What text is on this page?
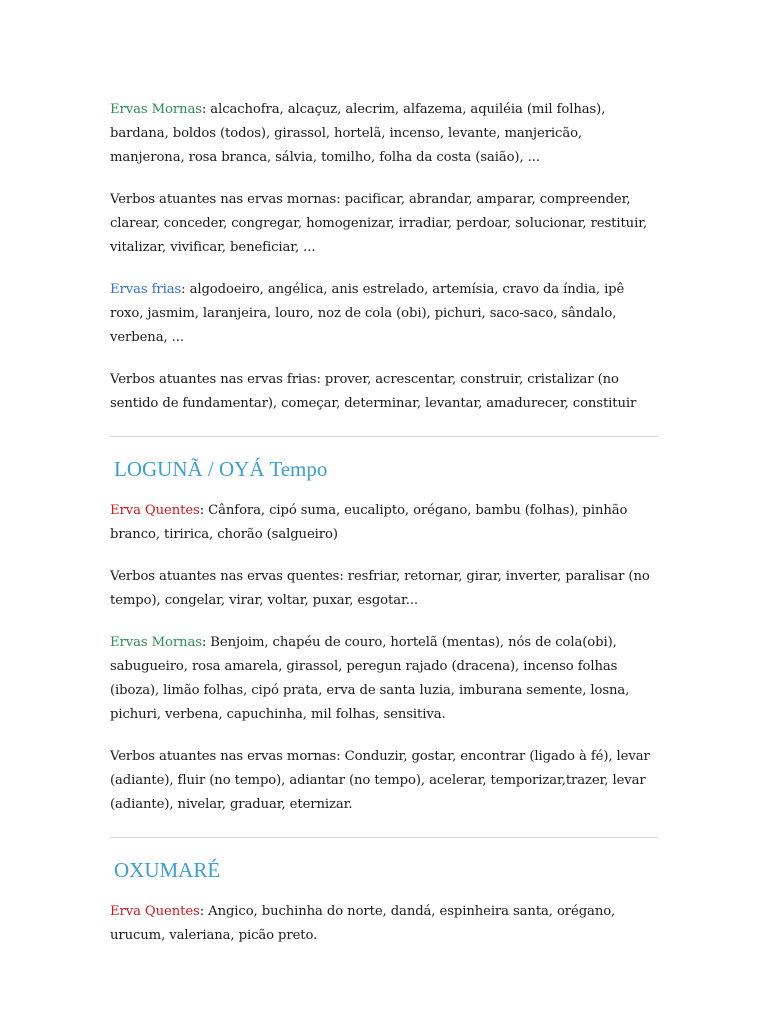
Ervas Mornas: alcachofra, alcaçuz, alecrim, alfazema, aquiléia (mil folhas), bardana, boldos (todos), girassol, hortelã, incenso, levante, manjericão, manjerona, rosa branca, sálvia, tomilho, folha da costa (saião), ...

Verbos atuantes nas ervas mornas: pacificar, abrandar, amparar, compreender, clarear, conceder, congregar, homogenizar, irradiar, perdoar, solucionar, restituir, vitalizar, vivificar, beneficiar, ...

Ervas frias: algodoeiro, angélica, anis estrelado, artemísia, cravo da índia, ipê roxo, jasmim, laranjeira, louro, noz de cola (obi), pichuri, saco-saco, sândalo, verbena, ...

Verbos atuantes nas ervas frias: prover, acrescentar, construir, cristalizar (no sentido de fundamentar), começar, determinar, levantar, amadurecer, constituir

LOGUNÃ / OYÁ Tempo

Erva Quentes: Cânfora, cipó suma, eucalipto, orégano, bambu (folhas), pinhão branco, tiririca, chorão (salgueiro)

Verbos atuantes nas ervas quentes: resfriar, retornar, girar, inverter, paralisar (no tempo), congelar, virar, voltar, puxar, esgotar...

Ervas Mornas: Benjoim, chapéu de couro, hortelã (mentas), nós de cola(obi), sabugueiro, rosa amarela, girassol, peregun rajado (dracena), incenso folhas (iboza), limão folhas, cipó prata, erva de santa luzia, imburana semente, losna, pichuri, verbena, capuchinha, mil folhas, sensitiva.

Verbos atuantes nas ervas mornas: Conduzir, gostar, encontrar (ligado à fé), levar (adiante), fluir (no tempo), adiantar (no tempo), acelerar, temporizar,trazer, levar (adiante), nivelar, graduar, eternizar.

OXUMARÉ

Erva Quentes: Angico, buchinha do norte, dandá, espinheira santa, orégano, urucum, valeriana, picão preto.
